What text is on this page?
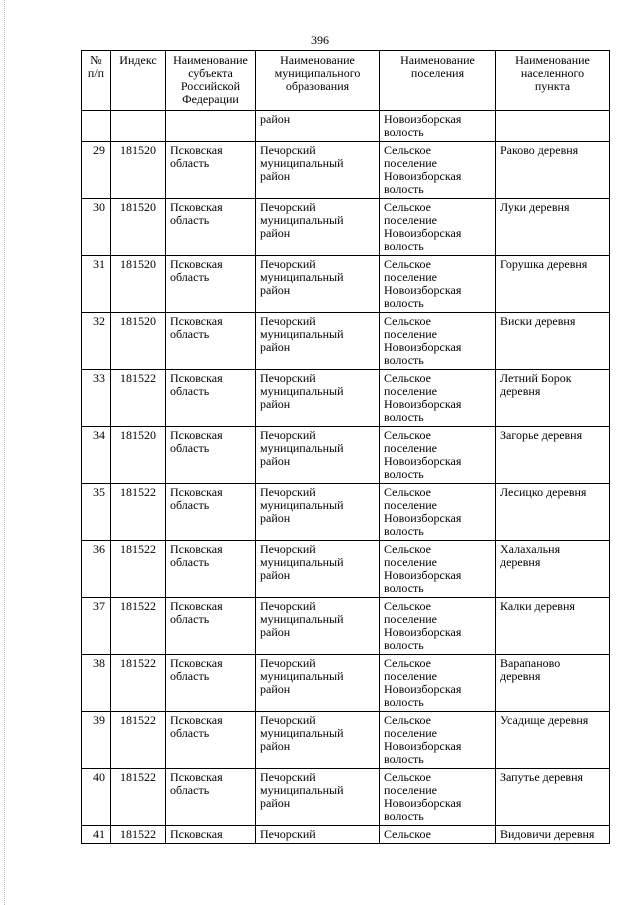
396
№
п/п	Индекс	Наименование
субъекта
Российской
Федерации	Наименование
муниципального
образования	Наименование
поселения	Наименование
населенного
пункта
			район	Новоизборская
волость	
29	181520	Псковская
область	Печорский
муниципальный
район	Сельское
поселение
Новоизборская
волость	Раково деревня
30	181520	Псковская
область	Печорский
муниципальный
район	Сельское
поселение
Новоизборская
волость	Луки деревня
31	181520	Псковская
область	Печорский
муниципальный
район	Сельское
поселение
Новоизборская
волость	Горушка деревня
32	181520	Псковская
область	Печорский
муниципальный
район	Сельское
поселение
Новоизборская
волость	Виски деревня
33	181522	Псковская
область	Печорский
муниципальный
район	Сельское
поселение
Новоизборская
волость	Летний Борок
деревня
34	181520	Псковская
область	Печорский
муниципальный
район	Сельское
поселение
Новоизборская
волость	Загорье деревня
35	181522	Псковская
область	Печорский
муниципальный
район	Сельское
поселение
Новоизборская
волость	Лесицко деревня
36	181522	Псковская
область	Печорский
муниципальный
район	Сельское
поселение
Новоизборская
волость	Халахальня
деревня
37	181522	Псковская
область	Печорский
муниципальный
район	Сельское
поселение
Новоизборская
волость	Калки деревня
38	181522	Псковская
область	Печорский
муниципальный
район	Сельское
поселение
Новоизборская
волость	Варапаново
деревня
39	181522	Псковская
область	Печорский
муниципальный
район	Сельское
поселение
Новоизборская
волость	Усадище деревня
40	181522	Псковская
область	Печорский
муниципальный
район	Сельское
поселение
Новоизборская
волость	Запутье деревня
41	181522	Псковская	Печорский	Сельское	Видовичи деревня
